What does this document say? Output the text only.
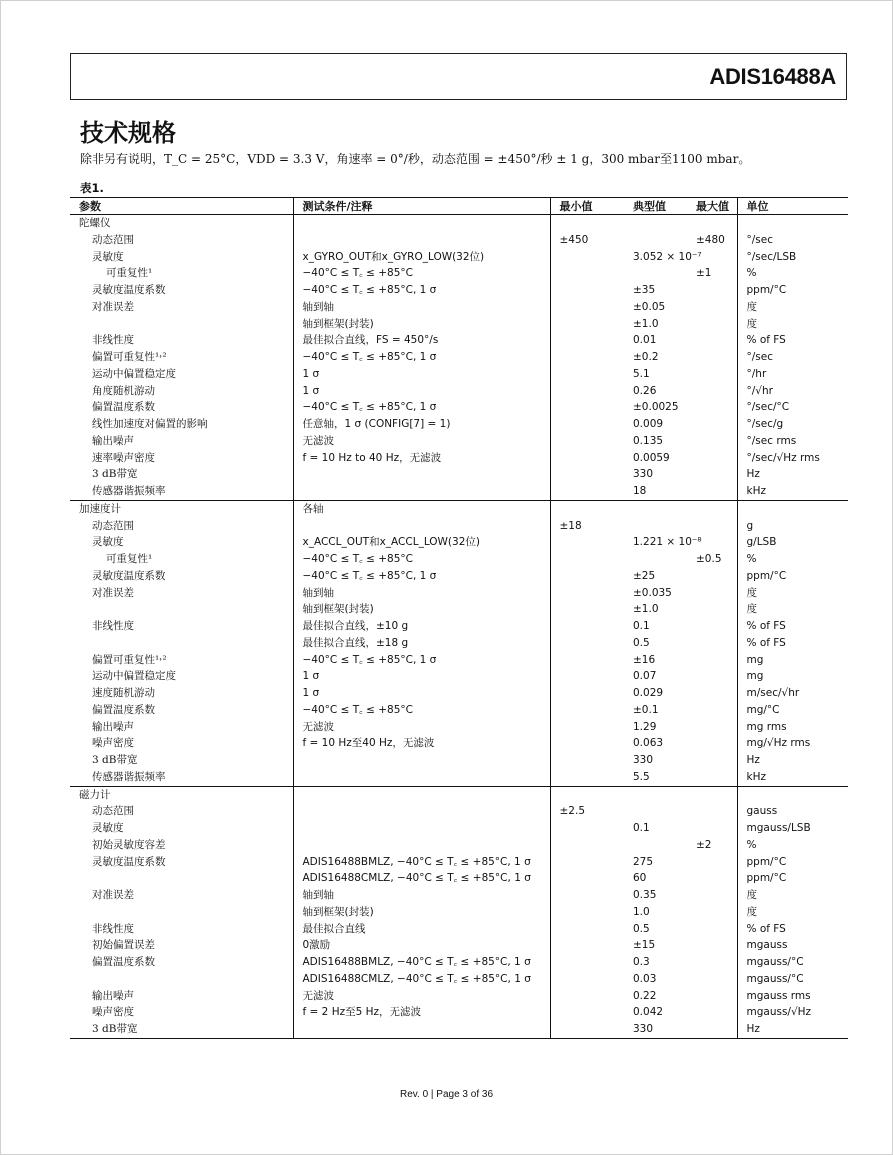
ADIS16488A
技术规格
除非另有说明，T_C = 25°C，VDD = 3.3 V，角速率 = 0°/秒，动态范围 = ±450°/秒 ± 1 g，300 mbar至1100 mbar。
表1.
参数	测试条件/注释	最小值	典型值	最大值	单位
陀螺仪					
动态范围		±450		±480	°/sec
灵敏度	x_GYRO_OUT和x_GYRO_LOW(32位)		3.052 × 10⁻⁷		°/sec/LSB
可重复性¹	−40°C ≤ T꜀ ≤ +85°C			±1	%
灵敏度温度系数	−40°C ≤ T꜀ ≤ +85°C, 1 σ		±35		ppm/°C
对准误差	轴到轴		±0.05		度
	轴到框架(封装)		±1.0		度
非线性度	最佳拟合直线，FS = 450°/s		0.01		% of FS
偏置可重复性¹˒²	−40°C ≤ T꜀ ≤ +85°C, 1 σ		±0.2		°/sec
运动中偏置稳定度	1 σ		5.1		°/hr
角度随机游动	1 σ		0.26		°/√hr
偏置温度系数	−40°C ≤ T꜀ ≤ +85°C, 1 σ		±0.0025		°/sec/°C
线性加速度对偏置的影响	任意轴，1 σ (CONFIG[7] = 1)		0.009		°/sec/g
输出噪声	无滤波		0.135		°/sec rms
速率噪声密度	f = 10 Hz to 40 Hz，无滤波		0.0059		°/sec/√Hz rms
3 dB带宽			330		Hz
传感器谐振频率			18		kHz
加速度计	各轴				
动态范围		±18			g
灵敏度	x_ACCL_OUT和x_ACCL_LOW(32位)		1.221 × 10⁻⁸		g/LSB
可重复性¹	−40°C ≤ T꜀ ≤ +85°C			±0.5	%
灵敏度温度系数	−40°C ≤ T꜀ ≤ +85°C, 1 σ		±25		ppm/°C
对准误差	轴到轴		±0.035		度
	轴到框架(封装)		±1.0		度
非线性度	最佳拟合直线，±10 g		0.1		% of FS
	最佳拟合直线，±18 g		0.5		% of FS
偏置可重复性¹˒²	−40°C ≤ T꜀ ≤ +85°C, 1 σ		±16		mg
运动中偏置稳定度	1 σ		0.07		mg
速度随机游动	1 σ		0.029		m/sec/√hr
偏置温度系数	−40°C ≤ T꜀ ≤ +85°C		±0.1		mg/°C
输出噪声	无滤波		1.29		mg rms
噪声密度	f = 10 Hz至40 Hz，无滤波		0.063		mg/√Hz rms
3 dB带宽			330		Hz
传感器谐振频率			5.5		kHz
磁力计					
动态范围		±2.5			gauss
灵敏度			0.1		mgauss/LSB
初始灵敏度容差				±2	%
灵敏度温度系数	ADIS16488BMLZ, −40°C ≤ T꜀ ≤ +85°C, 1 σ		275		ppm/°C
	ADIS16488CMLZ, −40°C ≤ T꜀ ≤ +85°C, 1 σ		60		ppm/°C
对准误差	轴到轴		0.35		度
	轴到框架(封装)		1.0		度
非线性度	最佳拟合直线		0.5		% of FS
初始偏置误差	0激励		±15		mgauss
偏置温度系数	ADIS16488BMLZ, −40°C ≤ T꜀ ≤ +85°C, 1 σ		0.3		mgauss/°C
	ADIS16488CMLZ, −40°C ≤ T꜀ ≤ +85°C, 1 σ		0.03		mgauss/°C
输出噪声	无滤波		0.22		mgauss rms
噪声密度	f = 2 Hz至5 Hz，无滤波		0.042		mgauss/√Hz
3 dB带宽			330		Hz
Rev. 0 | Page 3 of 36
